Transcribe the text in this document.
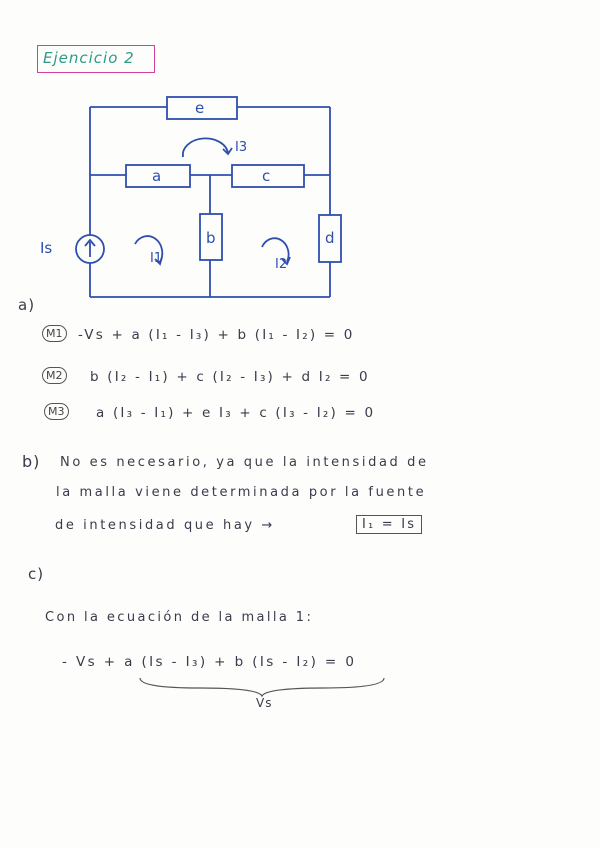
Ejencicio 2
e
a	c
b	d
Is
I1	I2
I3
a)
M1 -Vs + a (I₁ - I₃) + b (I₁ - I₂) = 0
M2 b (I₂ - I₁) + c (I₂ - I₃) + d I₂ = 0
M3 a (I₃ - I₁) + e I₃ + c (I₃ - I₂) = 0
b) No es necesario, ya que la intensidad de
la malla viene determinada por la fuente
de intensidad que hay →	I₁ = Is
c)
Con la ecuación de la malla 1:
- Vs + a (Is - I₃) + b (Is - I₂) = 0
Vs
